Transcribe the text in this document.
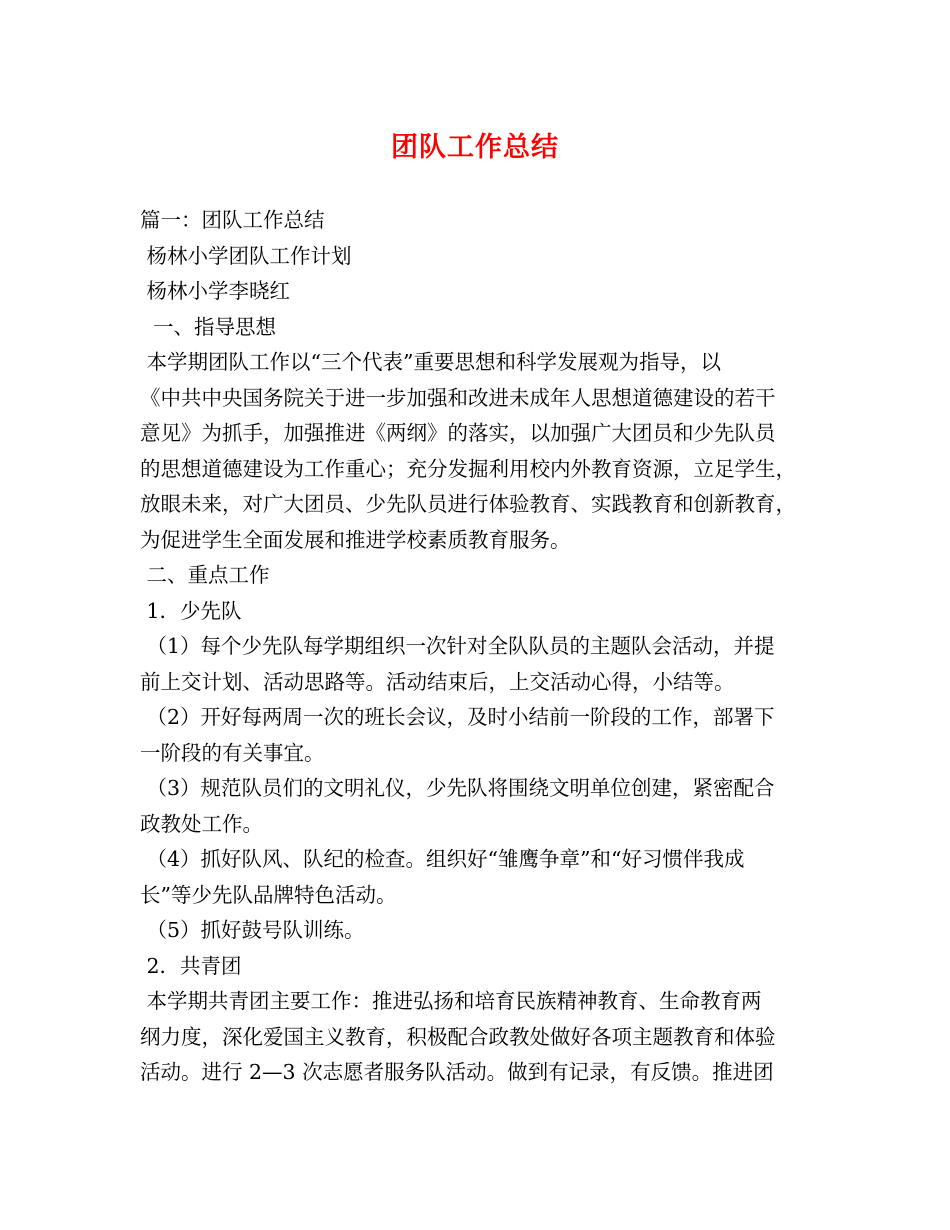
团队工作总结
篇一：团队工作总结
杨林小学团队工作计划
杨林小学李晓红
一、指导思想
本学期团队工作以“三个代表”重要思想和科学发展观为指导，以
《中共中央国务院关于进一步加强和改进未成年人思想道德建设的若干
意见》为抓手，加强推进《两纲》的落实，以加强广大团员和少先队员
的思想道德建设为工作重心；充分发掘利用校内外教育资源，立足学生，
放眼未来，对广大团员、少先队员进行体验教育、实践教育和创新教育，
为促进学生全面发展和推进学校素质教育服务。
二、重点工作
1．少先队
（1）每个少先队每学期组织一次针对全队队员的主题队会活动，并提
前上交计划、活动思路等。活动结束后，上交活动心得，小结等。
（2）开好每两周一次的班长会议，及时小结前一阶段的工作，部署下
一阶段的有关事宜。
（3）规范队员们的文明礼仪，少先队将围绕文明单位创建，紧密配合
政教处工作。
（4）抓好队风、队纪的检查。组织好“雏鹰争章”和“好习惯伴我成
长”等少先队品牌特色活动。
（5）抓好鼓号队训练。
2．共青团
本学期共青团主要工作：推进弘扬和培育民族精神教育、生命教育两
纲力度，深化爱国主义教育，积极配合政教处做好各项主题教育和体验
活动。进行 2—3 次志愿者服务队活动。做到有记录，有反馈。推进团
